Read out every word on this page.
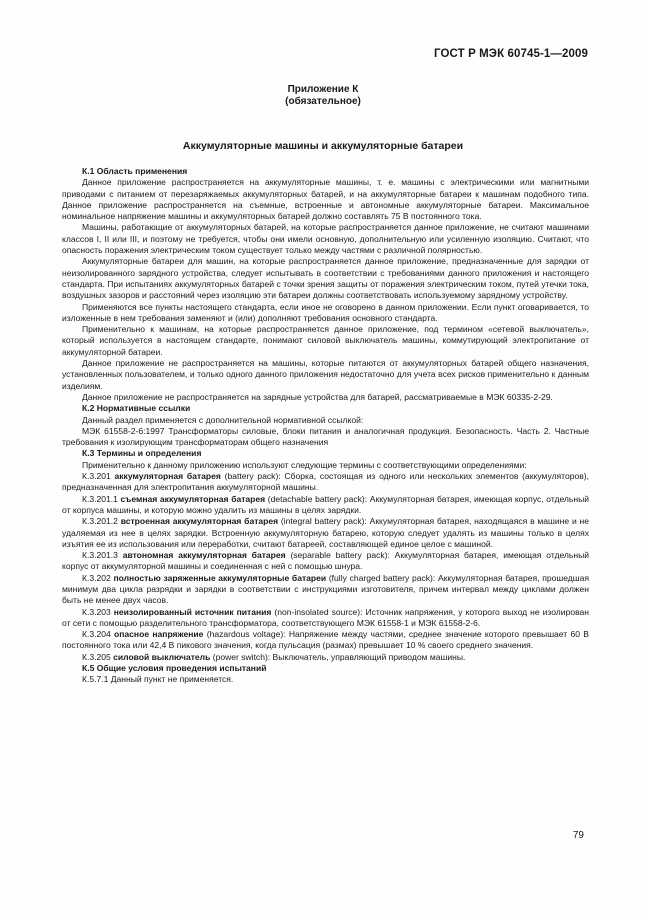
ГОСТ Р МЭК 60745-1—2009
Приложение К
(обязательное)
Аккумуляторные машины и аккумуляторные батареи

К.1 Область применения

Данное приложение распространяется на аккумуляторные машины, т. е. машины с электрическими или магнитными приводами с питанием от перезаряжаемых аккумуляторных батарей, и на аккумуляторные батареи к машинам подобного типа. Данное приложение распространяется на съемные, встроенные и автономные аккумуляторные батареи. Максимальное номинальное напряжение машины и аккумуляторных батарей должно составлять 75 В постоянного тока.

Машины, работающие от аккумуляторных батарей, на которые распространяется данное приложение, не считают машинами классов I, II или III, и поэтому не требуется, чтобы они имели основную, дополнительную или усиленную изоляцию. Считают, что опасность поражения электрическим током существует только между частями с различной полярностью.

Аккумуляторные батареи для машин, на которые распространяется данное приложение, предназначенные для зарядки от неизолированного зарядного устройства, следует испытывать в соответствии с требованиями данного приложения и настоящего стандарта. При испытаниях аккумуляторных батарей с точки зрения защиты от поражения электрическим током, путей утечки тока, воздушных зазоров и расстояний через изоляцию эти батареи должны соответствовать используемому зарядному устройству.

Применяются все пункты настоящего стандарта, если иное не оговорено в данном приложении. Если пункт оговаривается, то изложенные в нем требования заменяют и (или) дополняют требования основного стандарта.

Применительно к машинам, на которые распространяется данное приложение, под термином «сетевой выключатель», который используется в настоящем стандарте, понимают силовой выключатель машины, коммутирующий электропитание от аккумуляторной батареи.

Данное приложение не распространяется на машины, которые питаются от аккумуляторных батарей общего назначения, установленных пользователем, и только одного данного приложения недостаточно для учета всех рисков применительно к данным изделиям.

Данное приложение не распространяется на зарядные устройства для батарей, рассматриваемые в МЭК 60335-2-29.

К.2 Нормативные ссылки

Данный раздел применяется с дополнительной нормативной ссылкой:

МЭК 61558-2-6:1997 Трансформаторы силовые, блоки питания и аналогичная продукция. Безопасность. Часть 2. Частные требования к изолирующим трансформаторам общего назначения

К.3 Термины и определения

Применительно к данному приложению используют следующие термины с соответствующими определениями:

К.3.201 аккумуляторная батарея (battery pack): Сборка, состоящая из одного или нескольких элементов (аккумуляторов), предназначенная для электропитания аккумуляторной машины.

К.3.201.1 съемная аккумуляторная батарея (detachable battery pack): Аккумуляторная батарея, имеющая корпус, отдельный от корпуса машины, и которую можно удалить из машины в целях зарядки.

К.3.201.2 встроенная аккумуляторная батарея (integral battery pack): Аккумуляторная батарея, находящаяся в машине и не удаляемая из нее в целях зарядки. Встроенную аккумуляторную батарею, которую следует удалять из машины только в целях изъятия ее из использования или переработки, считают батареей, составляющей единое целое с машиной.

К.3.201.3 автономная аккумуляторная батарея (separable battery pack): Аккумуляторная батарея, имеющая отдельный корпус от аккумуляторной машины и соединенная с ней с помощью шнура.

К.3.202 полностью заряженные аккумуляторные батареи (fully charged battery pack): Аккумуляторная батарея, прошедшая минимум два цикла разрядки и зарядки в соответствии с инструкциями изготовителя, причем интервал между циклами должен быть не менее двух часов.

К.3.203 неизолированный источник питания (non-insolated source): Источник напряжения, у которого выход не изолирован от сети с помощью разделительного трансформатора, соответствующего МЭК 61558-1 и МЭК 61558-2-6.

К.3.204 опасное напряжение (hazardous voltage): Напряжение между частями, среднее значение которого превышает 60 В постоянного тока или 42,4 В пикового значения, когда пульсация (размах) превышает 10 % своего среднего значения.

К.3.205 силовой выключатель (power switch): Выключатель, управляющий приводом машины.

К.5 Общие условия проведения испытаний

К.5.7.1 Данный пункт не применяется.

79
